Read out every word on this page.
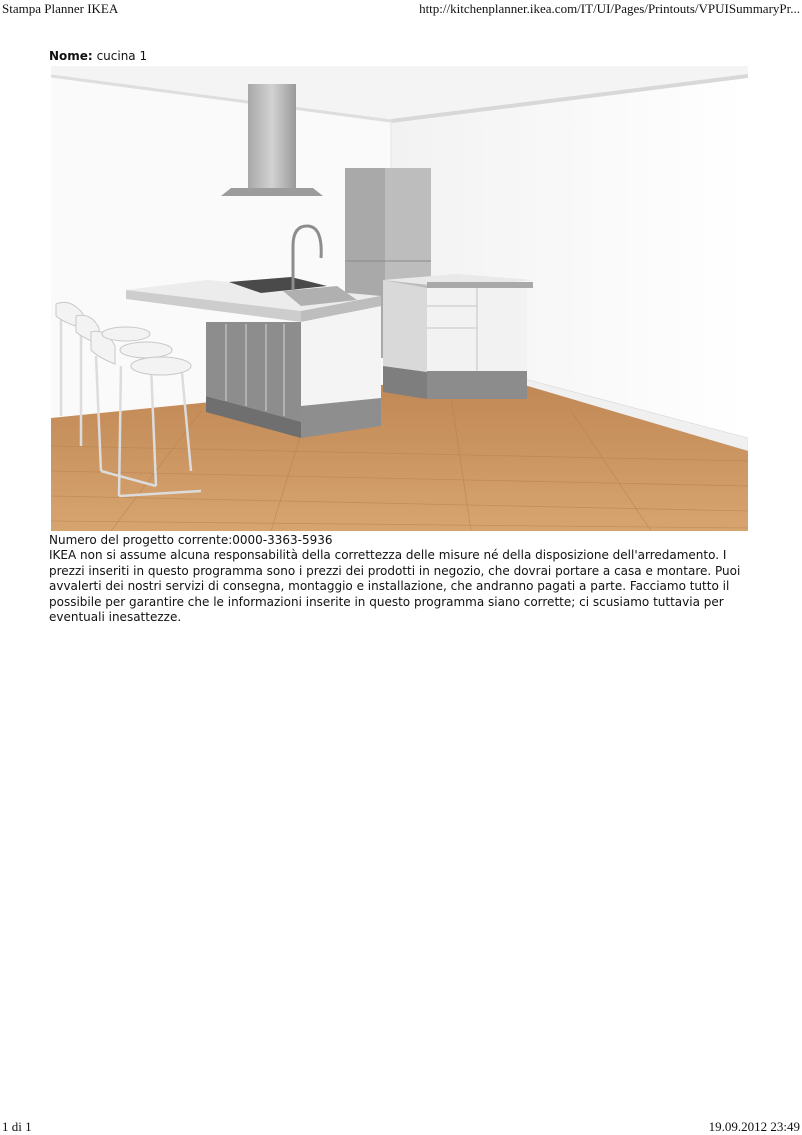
Stampa Planner IKEA	http://kitchenplanner.ikea.com/IT/UI/Pages/Printouts/VPUISummaryPr...
Nome: cucina 1
Numero del progetto corrente:0000-3363-5936
IKEA non si assume alcuna responsabilità della correttezza delle misure né della disposizione dell'arredamento. I prezzi inseriti in questo programma sono i prezzi dei prodotti in negozio, che dovrai portare a casa e montare. Puoi avvalerti dei nostri servizi di consegna, montaggio e installazione, che andranno pagati a parte. Facciamo tutto il possibile per garantire che le informazioni inserite in questo programma siano corrette; ci scusiamo tuttavia per eventuali inesattezze.
1 di 1	19.09.2012 23:49
